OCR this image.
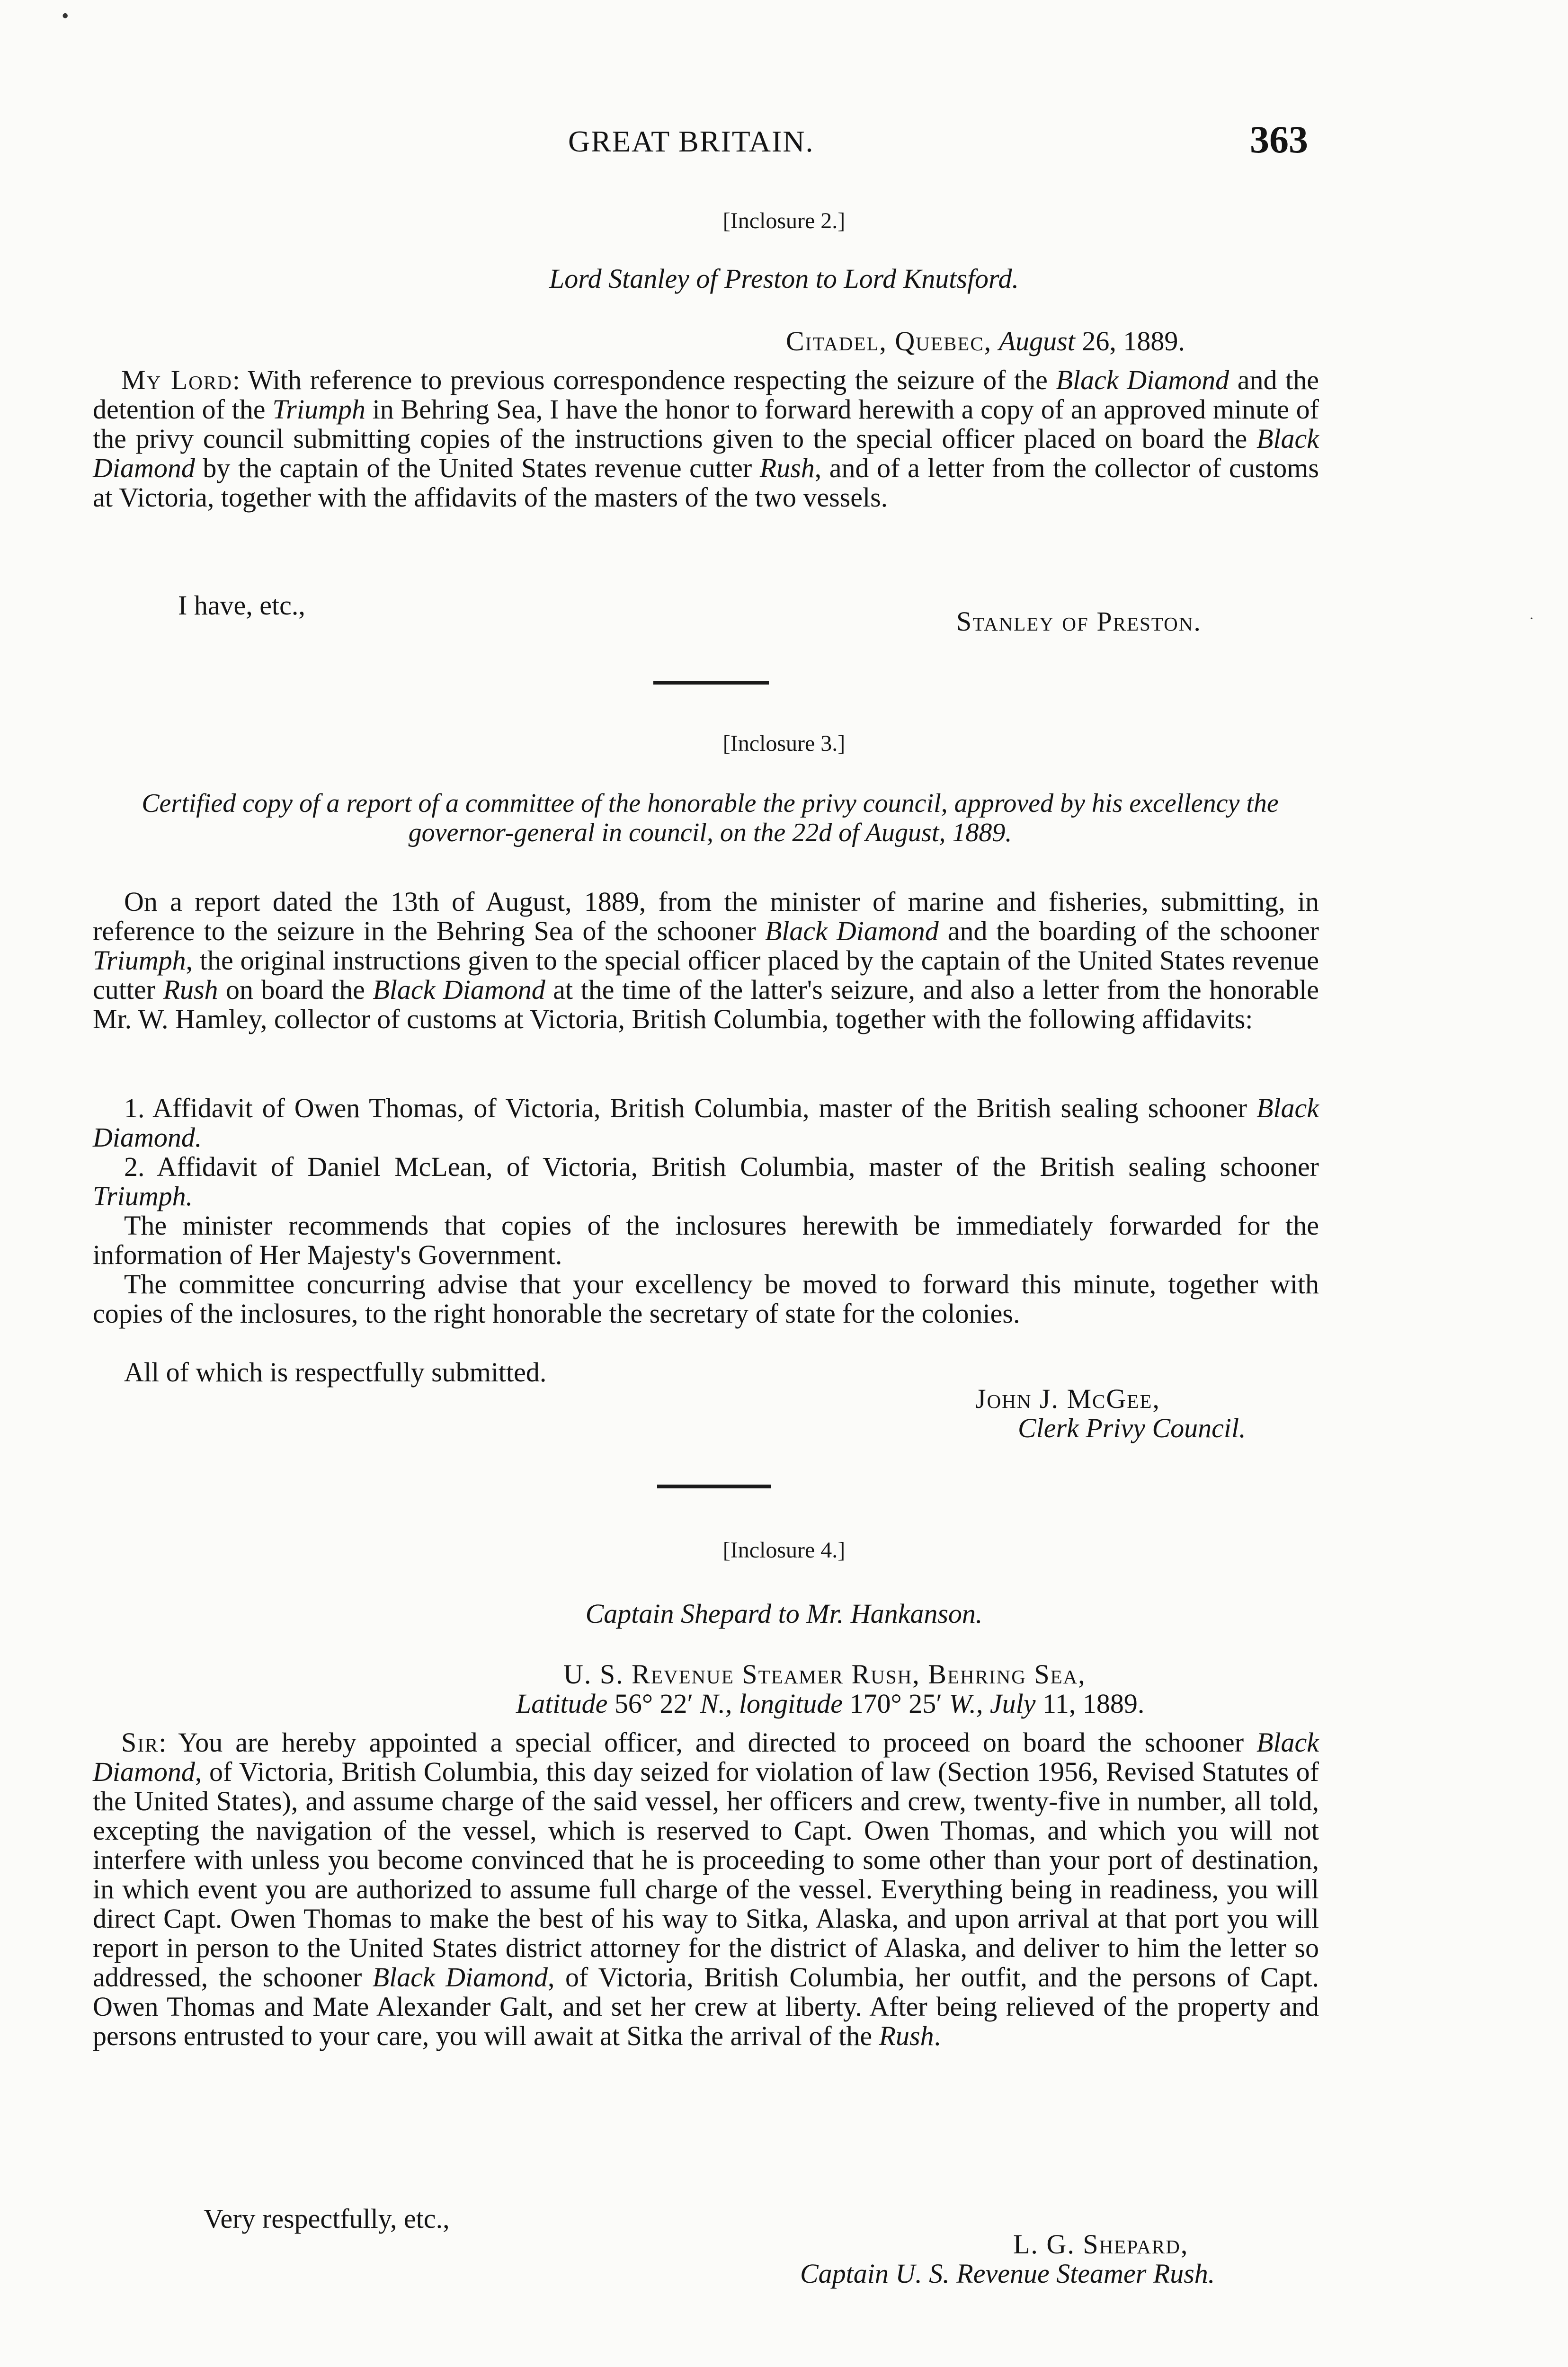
•
·
GREAT BRITAIN.	363
[Inclosure 2.]
Lord Stanley of Preston to Lord Knutsford.
Citadel, Quebec, August 26, 1889.
My Lord: With reference to previous correspondence respecting the seizure of the Black Diamond and the detention of the Triumph in Behring Sea, I have the honor to forward herewith a copy of an approved minute of the privy council submitting copies of the instructions given to the special officer placed on board the Black Diamond by the captain of the United States revenue cutter Rush, and of a letter from the collector of customs at Victoria, together with the affidavits of the masters of the two vessels.
I have, etc.,
Stanley of Preston.
[Inclosure 3.]
Certified copy of a report of a committee of the honorable the privy council, approved by his excellency the governor-general in council, on the 22d of August, 1889.
On a report dated the 13th of August, 1889, from the minister of marine and fisheries, submitting, in reference to the seizure in the Behring Sea of the schooner Black Diamond and the boarding of the schooner Triumph, the original instructions given to the special officer placed by the captain of the United States revenue cutter Rush on board the Black Diamond at the time of the latter's seizure, and also a letter from the honorable Mr. W. Hamley, collector of customs at Victoria, British Columbia, together with the following affidavits:
1. Affidavit of Owen Thomas, of Victoria, British Columbia, master of the British sealing schooner Black Diamond.
2. Affidavit of Daniel McLean, of Victoria, British Columbia, master of the British sealing schooner Triumph.
The minister recommends that copies of the inclosures herewith be immediately forwarded for the information of Her Majesty's Government.
The committee concurring advise that your excellency be moved to forward this minute, together with copies of the inclosures, to the right honorable the secretary of state for the colonies.
All of which is respectfully submitted.
John J. McGee,
Clerk Privy Council.
[Inclosure 4.]
Captain Shepard to Mr. Hankanson.
U. S. Revenue Steamer Rush, Behring Sea,
Latitude 56° 22′ N., longitude 170° 25′ W., July 11, 1889.
Sir: You are hereby appointed a special officer, and directed to proceed on board the schooner Black Diamond, of Victoria, British Columbia, this day seized for violation of law (Section 1956, Revised Statutes of the United States), and assume charge of the said vessel, her officers and crew, twenty-five in number, all told, excepting the navigation of the vessel, which is reserved to Capt. Owen Thomas, and which you will not interfere with unless you become convinced that he is proceeding to some other than your port of destination, in which event you are authorized to assume full charge of the vessel. Everything being in readiness, you will direct Capt. Owen Thomas to make the best of his way to Sitka, Alaska, and upon arrival at that port you will report in person to the United States district attorney for the district of Alaska, and deliver to him the letter so addressed, the schooner Black Diamond, of Victoria, British Columbia, her outfit, and the persons of Capt. Owen Thomas and Mate Alexander Galt, and set her crew at liberty. After being relieved of the property and persons entrusted to your care, you will await at Sitka the arrival of the Rush.
Very respectfully, etc.,
L. G. Shepard,
Captain U. S. Revenue Steamer Rush.
